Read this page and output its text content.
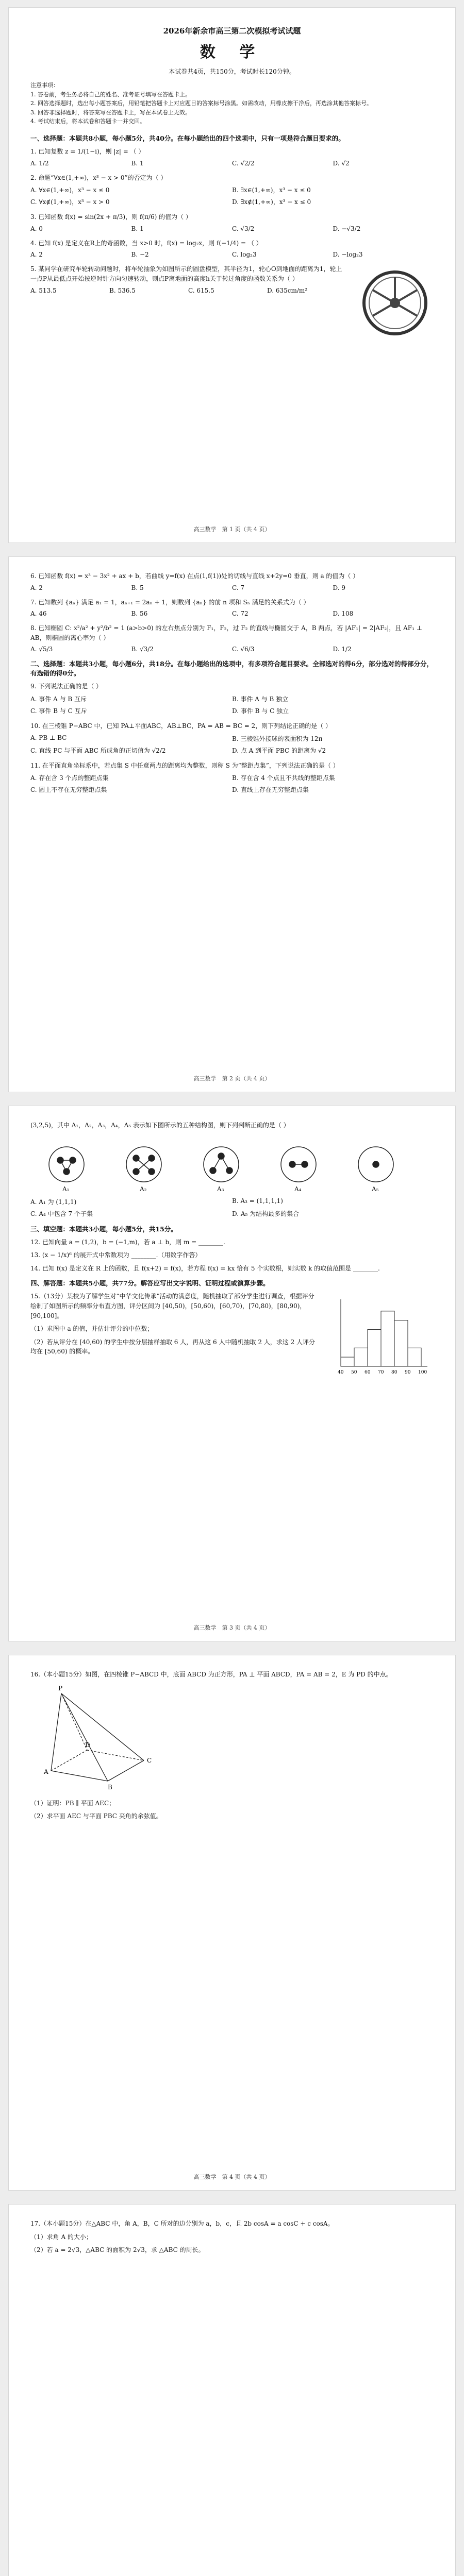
2026年新余市高三第二次模拟考试试题
数 学
本试卷共4页，共150分，考试时长120分钟。
注意事项：
1. 答卷前，考生务必将自己的姓名、准考证号填写在答题卡上。
2. 回答选择题时，选出每小题答案后，用铅笔把答题卡上对应题目的答案标号涂黑。如需改动，用橡皮擦干净后，再选涂其他答案标号。
3. 回答非选择题时，将答案写在答题卡上，写在本试卷上无效。
4. 考试结束后，将本试卷和答题卡一并交回。
一、选择题：本题共8小题，每小题5分，共40分。在每小题给出的四个选项中，只有一项是符合题目要求的。
1. 已知复数 z = 1/(1−i)，则 |z| = （ ）
A. 1/2	B. 1	C. √2/2	D. √2
2. 命题“∀x∈(1,+∞)，x³ − x > 0”的否定为（ ）
A. ∀x∈(1,+∞)，x³ − x ≤ 0	B. ∃x∈(1,+∞)，x³ − x ≤ 0
C. ∀x∉(1,+∞)，x³ − x > 0	D. ∃x∉(1,+∞)，x³ − x ≤ 0
3. 已知函数 f(x) = sin(2x + π/3)，则 f(π/6) 的值为（ ）
A. 0	B. 1	C. √3/2	D. −√3/2
4. 已知 f(x) 是定义在R上的奇函数，当 x>0 时，f(x) = log₂x，则 f(−1/4) = （ ）
A. 2	B. −2	C. log₂3	D. −log₂3
5. 某同学在研究车轮转动问题时，将车轮抽象为如图所示的圆盘模型，其半径为1，轮心O到地面的距离为1，轮上一点P从最低点开始按逆时针方向匀速转动，则点P离地面的高度h关于转过角度的函数关系为（ ）
A. 513.5	B. 536.5	C. 615.5	D. 635cm/m²
高三数学　第 1 页（共 4 页）
6. 已知函数 f(x) = x³ − 3x² + ax + b，若曲线 y=f(x) 在点(1,f(1))处的切线与直线 x+2y=0 垂直，则 a 的值为（ ）
A. 2	B. 5	C. 7	D. 9
7. 已知数列 {aₙ} 满足 a₁ = 1，aₙ₊₁ = 2aₙ + 1，则数列 {aₙ} 的前 n 项和 Sₙ 满足的关系式为（ ）
A. 46	B. 56	C. 72	D. 108
8. 已知椭圆 C: x²/a² + y²/b² = 1 (a>b>0) 的左右焦点分别为 F₁，F₂，过 F₂ 的直线与椭圆交于 A，B 两点，若 |AF₁| = 2|AF₂|，且 AF₁ ⊥ AB，则椭圆的离心率为（ ）
A. √5/3	B. √3/2	C. √6/3	D. 1/2
二、选择题：本题共3小题，每小题6分，共18分。在每小题给出的选项中，有多项符合题目要求。全部选对的得6分，部分选对的得部分分，有选错的得0分。
9. 下列说法正确的是（ ）
A. 事件 A 与 B 互斥	B. 事件 A 与 B 独立
C. 事件 B 与 C 互斥	D. 事件 B 与 C 独立
10. 在三棱锥 P−ABC 中，已知 PA⊥平面ABC，AB⊥BC，PA = AB = BC = 2，则下列结论正确的是（ ）
A. PB ⊥ BC	B. 三棱锥外接球的表面积为 12π
C. 直线 PC 与平面 ABC 所成角的正切值为 √2/2	D. 点 A 到平面 PBC 的距离为 √2
11. 在平面直角坐标系中，若点集 S 中任意两点的距离均为整数，则称 S 为“整距点集”，下列说法正确的是（ ）
A. 存在含 3 个点的整距点集	B. 存在含 4 个点且不共线的整距点集
C. 圆上不存在无穷整距点集	D. 直线上存在无穷整距点集
高三数学　第 2 页（共 4 页）
(3,2,5)，其中 A₁，A₂，A₃，A₄，A₅ 表示如下图所示的五种结构图，则下列判断正确的是（ ）
A₁	A₂	A₃	A₄	A₅
A. A₁ 为 (1,1,1)	B. A₃ = (1,1,1,1)
C. A₄ 中包含 7 个子集	D. A₅ 为结构最多的集合
三、填空题：本题共3小题，每小题5分，共15分。

12. 已知向量 a = (1,2)，b = (−1,m)，若 a ⊥ b，则 m = ________.

13. (x − 1/x)⁶ 的展开式中常数项为 ________.（用数字作答）

14. 已知 f(x) 是定义在 R 上的函数，且 f(x+2) = f(x)，若方程 f(x) = kx 恰有 5 个实数根，则实数 k 的取值范围是 ________.

四、解答题：本题共5小题，共77分。解答应写出文字说明、证明过程或演算步骤。

15.（13分）某校为了解学生对“中华文化传承”活动的满意度，随机抽取了部分学生进行调查，根据评分绘制了如图所示的频率分布直方图，评分区间为 [40,50)，[50,60)，[60,70)，[70,80)，[80,90)，[90,100]。

（1）求图中 a 的值，并估计评分的中位数；

（2）若从评分在 [40,60) 的学生中按分层抽样抽取 6 人，再从这 6 人中随机抽取 2 人，求这 2 人评分均在 [50,60) 的概率。

40 50 60 70 80 90 100
高三数学　第 3 页（共 4 页）

16.（本小题15分）如图，在四棱锥 P−ABCD 中，底面 ABCD 为正方形，PA ⊥ 平面 ABCD，PA = AB = 2，E 为 PD 的中点。

P
A
B
C
D

（1）证明：PB ∥ 平面 AEC；

（2）求平面 AEC 与平面 PBC 夹角的余弦值。

高三数学　第 4 页（共 4 页）

17.（本小题15分）在△ABC 中，角 A，B，C 所对的边分别为 a，b，c，且 2b cosA = a cosC + c cosA。

（1）求角 A 的大小；

（2）若 a = 2√3，△ABC 的面积为 2√3，求 △ABC 的周长。
